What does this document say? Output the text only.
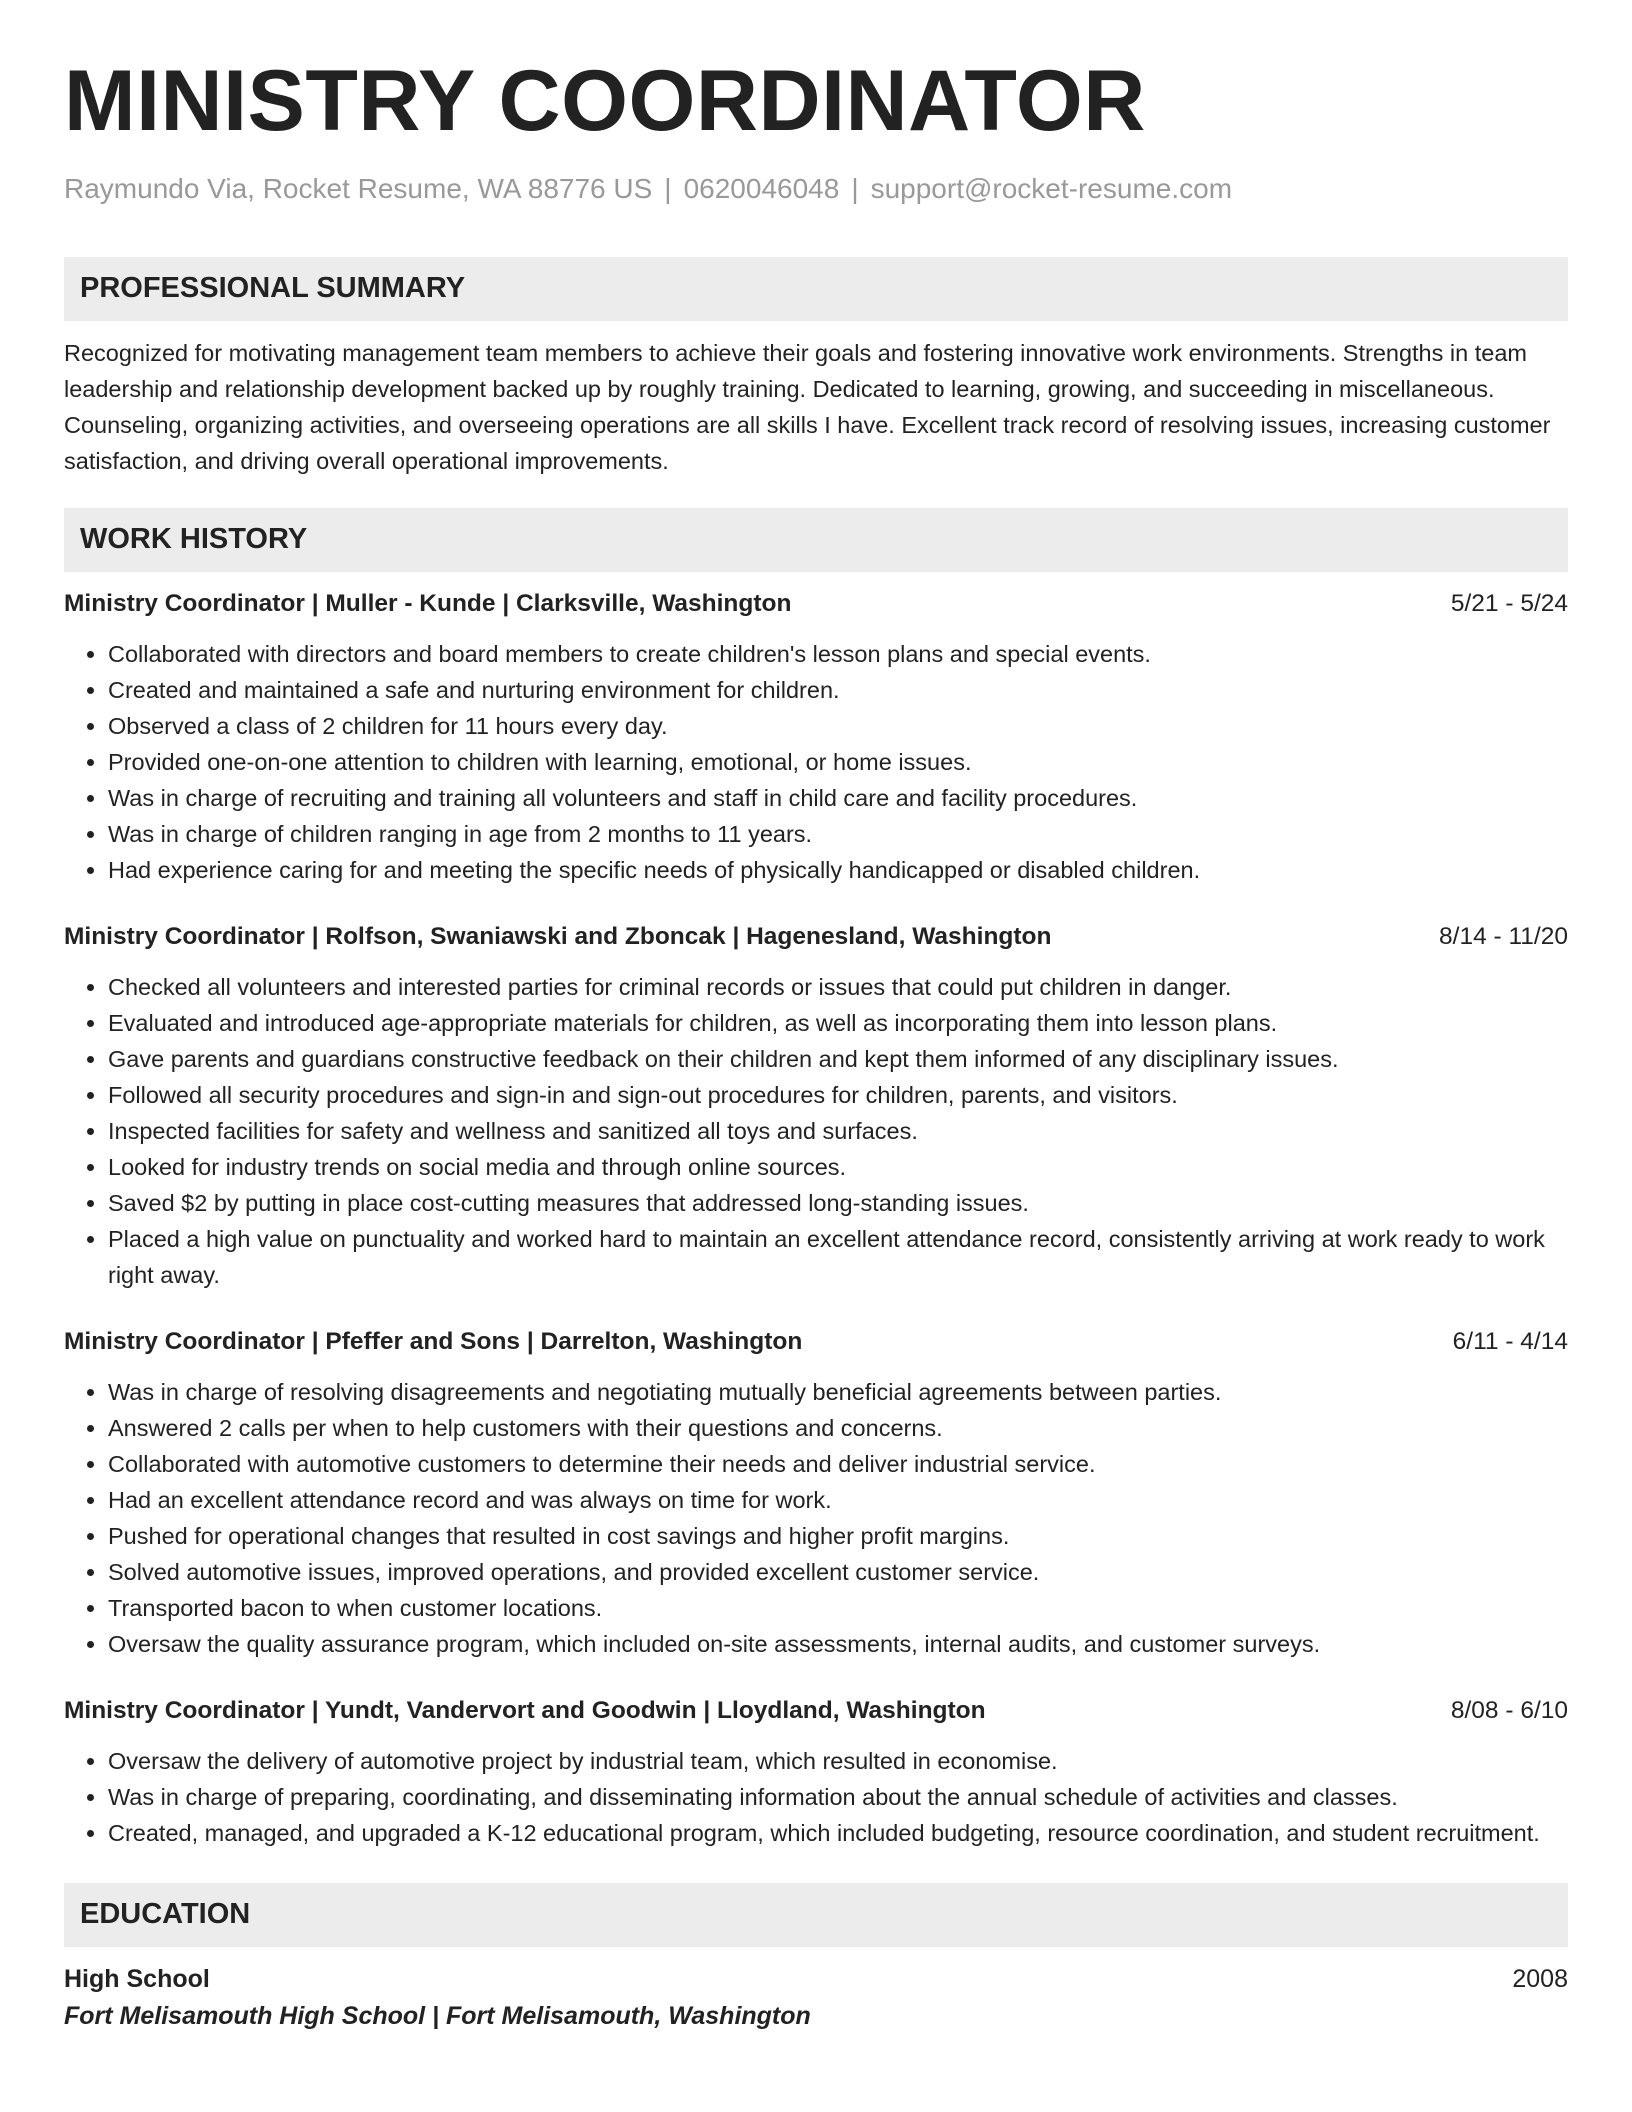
MINISTRY COORDINATOR
Raymundo Via, Rocket Resume, WA 88776 US | 0620046048 | support@rocket-resume.com
PROFESSIONAL SUMMARY

Recognized for motivating management team members to achieve their goals and fostering innovative work environments. Strengths in team leadership and relationship development backed up by roughly training. Dedicated to learning, growing, and succeeding in miscellaneous. Counseling, organizing activities, and overseeing operations are all skills I have. Excellent track record of resolving issues, increasing customer satisfaction, and driving overall operational improvements.

WORK HISTORY
Ministry Coordinator | Muller - Kunde | Clarksville, Washington	5/21 - 5/24
• Collaborated with directors and board members to create children's lesson plans and special events.
• Created and maintained a safe and nurturing environment for children.
• Observed a class of 2 children for 11 hours every day.
• Provided one-on-one attention to children with learning, emotional, or home issues.
• Was in charge of recruiting and training all volunteers and staff in child care and facility procedures.
• Was in charge of children ranging in age from 2 months to 11 years.
• Had experience caring for and meeting the specific needs of physically handicapped or disabled children.
Ministry Coordinator | Rolfson, Swaniawski and Zboncak | Hagenesland, Washington	8/14 - 11/20
• Checked all volunteers and interested parties for criminal records or issues that could put children in danger.
• Evaluated and introduced age-appropriate materials for children, as well as incorporating them into lesson plans.
• Gave parents and guardians constructive feedback on their children and kept them informed of any disciplinary issues.
• Followed all security procedures and sign-in and sign-out procedures for children, parents, and visitors.
• Inspected facilities for safety and wellness and sanitized all toys and surfaces.
• Looked for industry trends on social media and through online sources.
• Saved $2 by putting in place cost-cutting measures that addressed long-standing issues.
• Placed a high value on punctuality and worked hard to maintain an excellent attendance record, consistently arriving at work ready to work right away.
Ministry Coordinator | Pfeffer and Sons | Darrelton, Washington	6/11 - 4/14
• Was in charge of resolving disagreements and negotiating mutually beneficial agreements between parties.
• Answered 2 calls per when to help customers with their questions and concerns.
• Collaborated with automotive customers to determine their needs and deliver industrial service.
• Had an excellent attendance record and was always on time for work.
• Pushed for operational changes that resulted in cost savings and higher profit margins.
• Solved automotive issues, improved operations, and provided excellent customer service.
• Transported bacon to when customer locations.
• Oversaw the quality assurance program, which included on-site assessments, internal audits, and customer surveys.
Ministry Coordinator | Yundt, Vandervort and Goodwin | Lloydland, Washington	8/08 - 6/10
• Oversaw the delivery of automotive project by industrial team, which resulted in economise.
• Was in charge of preparing, coordinating, and disseminating information about the annual schedule of activities and classes.
• Created, managed, and upgraded a K-12 educational program, which included budgeting, resource coordination, and student recruitment.
EDUCATION
High School	2008
Fort Melisamouth High School | Fort Melisamouth, Washington
